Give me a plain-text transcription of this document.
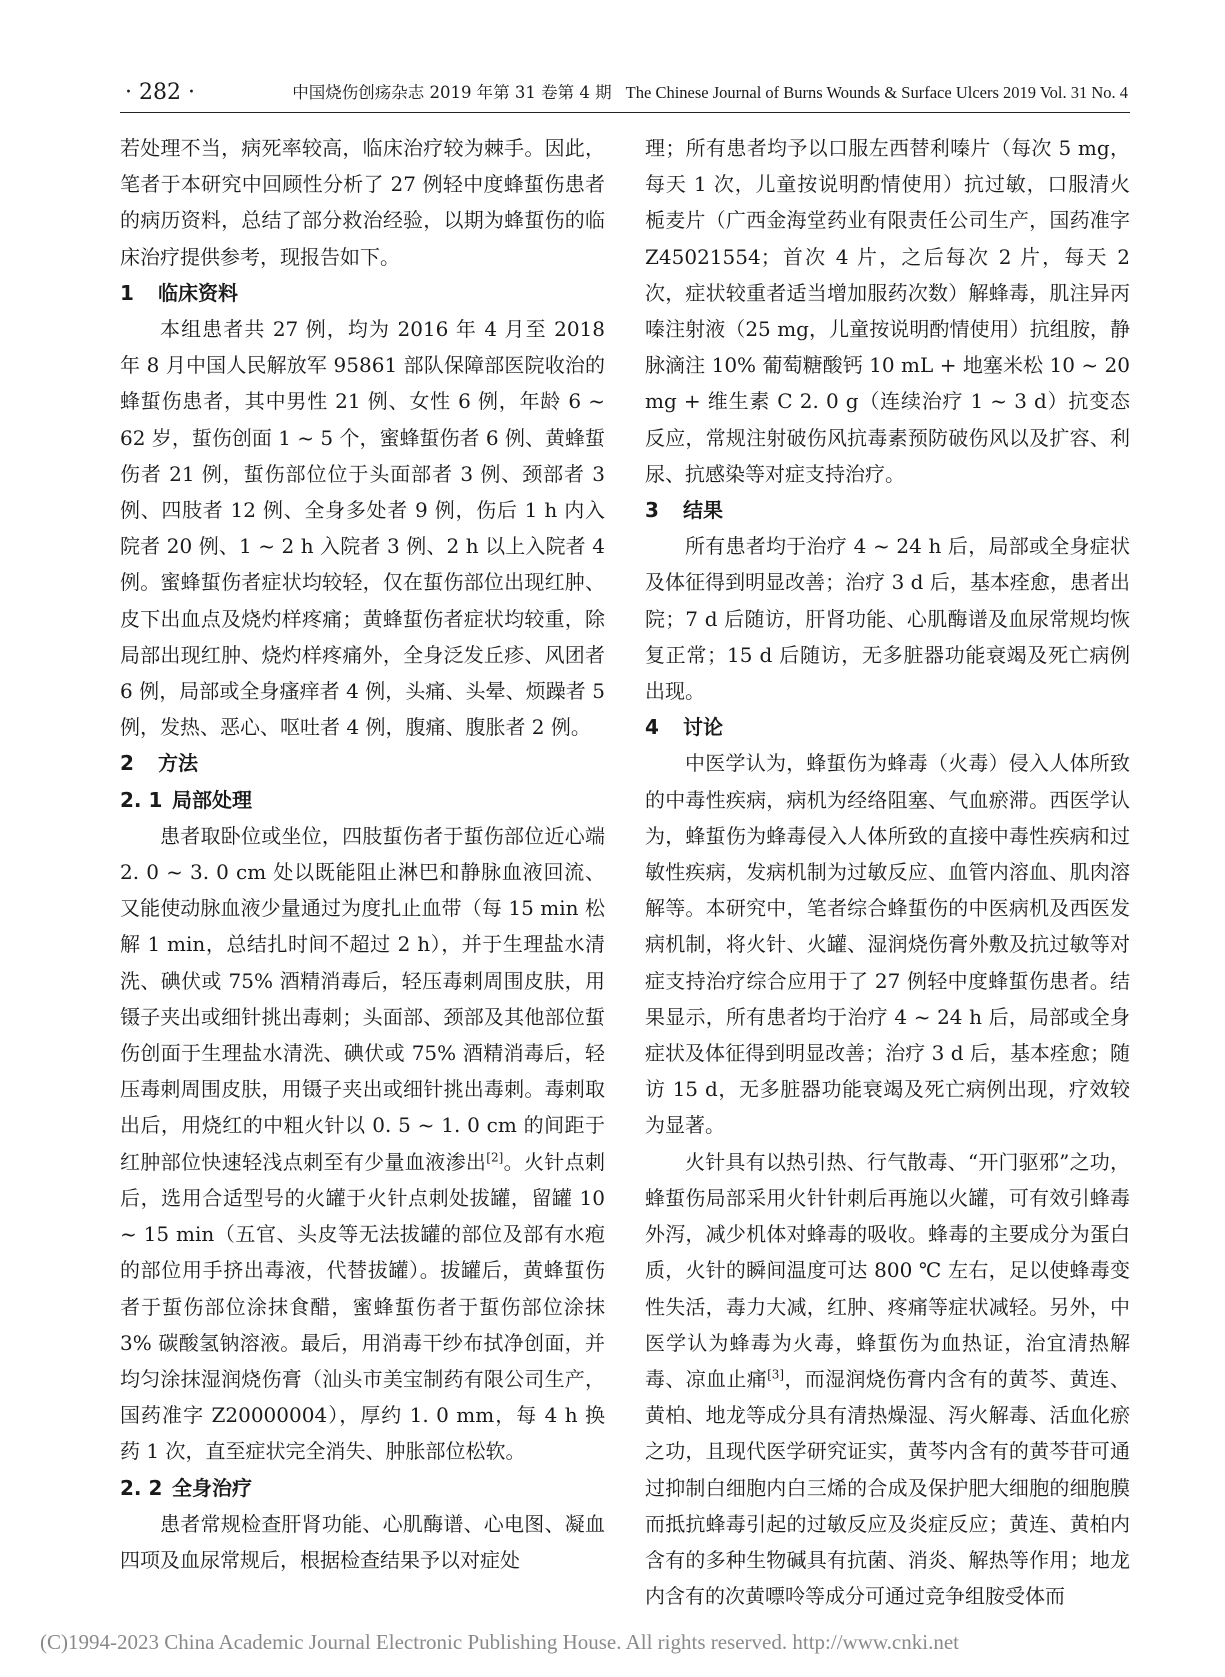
· 282 ·	中国烧伤创疡杂志 2019 年第 31 卷第 4 期 The Chinese Journal of Burns Wounds & Surface Ulcers 2019 Vol. 31 No. 4

若处理不当，病死率较高，临床治疗较为棘手。因此，笔者于本研究中回顾性分析了 27 例轻中度蜂蜇伤患者的病历资料，总结了部分救治经验，以期为蜂蜇伤的临床治疗提供参考，现报告如下。

1 临床资料

本组患者共 27 例，均为 2016 年 4 月至 2018 年 8 月中国人民解放军 95861 部队保障部医院收治的蜂蜇伤患者，其中男性 21 例、女性 6 例，年龄 6 ~ 62 岁，蜇伤创面 1 ~ 5 个，蜜蜂蜇伤者 6 例、黄蜂蜇伤者 21 例，蜇伤部位位于头面部者 3 例、颈部者 3 例、四肢者 12 例、全身多处者 9 例，伤后 1 h 内入院者 20 例、1 ~ 2 h 入院者 3 例、2 h 以上入院者 4 例。蜜蜂蜇伤者症状均较轻，仅在蜇伤部位出现红肿、皮下出血点及烧灼样疼痛；黄蜂蜇伤者症状均较重，除局部出现红肿、烧灼样疼痛外，全身泛发丘疹、风团者 6 例，局部或全身瘙痒者 4 例，头痛、头晕、烦躁者 5 例，发热、恶心、呕吐者 4 例，腹痛、腹胀者 2 例。

2 方法
2. 1 局部处理

患者取卧位或坐位，四肢蜇伤者于蜇伤部位近心端 2. 0 ~ 3. 0 cm 处以既能阻止淋巴和静脉血液回流、又能使动脉血液少量通过为度扎止血带（每 15 min 松解 1 min，总结扎时间不超过 2 h），并于生理盐水清洗、碘伏或 75% 酒精消毒后，轻压毒刺周围皮肤，用镊子夹出或细针挑出毒刺；头面部、颈部及其他部位蜇伤创面于生理盐水清洗、碘伏或 75% 酒精消毒后，轻压毒刺周围皮肤，用镊子夹出或细针挑出毒刺。毒刺取出后，用烧红的中粗火针以 0. 5 ~ 1. 0 cm 的间距于红肿部位快速轻浅点刺至有少量血液渗出[2]。火针点刺后，选用合适型号的火罐于火针点刺处拔罐，留罐 10 ~ 15 min（五官、头皮等无法拔罐的部位及部有水疱的部位用手挤出毒液，代替拔罐）。拔罐后，黄蜂蜇伤者于蜇伤部位涂抹食醋，蜜蜂蜇伤者于蜇伤部位涂抹 3% 碳酸氢钠溶液。最后，用消毒干纱布拭净创面，并均匀涂抹湿润烧伤膏（汕头市美宝制药有限公司生产，国药准字 Z20000004），厚约 1. 0 mm，每 4 h 换药 1 次，直至症状完全消失、肿胀部位松软。

2. 2 全身治疗

患者常规检查肝肾功能、心肌酶谱、心电图、凝血四项及血尿常规后，根据检查结果予以对症处

理；所有患者均予以口服左西替利嗪片（每次 5 mg，每天 1 次，儿童按说明酌情使用）抗过敏，口服清火栀麦片（广西金海堂药业有限责任公司生产，国药准字 Z45021554；首次 4 片，之后每次 2 片，每天 2 次，症状较重者适当增加服药次数）解蜂毒，肌注异丙嗪注射液（25 mg，儿童按说明酌情使用）抗组胺，静脉滴注 10% 葡萄糖酸钙 10 mL + 地塞米松 10 ~ 20 mg + 维生素 C 2. 0 g（连续治疗 1 ~ 3 d）抗变态反应，常规注射破伤风抗毒素预防破伤风以及扩容、利尿、抗感染等对症支持治疗。

3 结果

所有患者均于治疗 4 ~ 24 h 后，局部或全身症状及体征得到明显改善；治疗 3 d 后，基本痊愈，患者出院；7 d 后随访，肝肾功能、心肌酶谱及血尿常规均恢复正常；15 d 后随访，无多脏器功能衰竭及死亡病例出现。

4 讨论

中医学认为，蜂蜇伤为蜂毒（火毒）侵入人体所致的中毒性疾病，病机为经络阻塞、气血瘀滞。西医学认为，蜂蜇伤为蜂毒侵入人体所致的直接中毒性疾病和过敏性疾病，发病机制为过敏反应、血管内溶血、肌肉溶解等。本研究中，笔者综合蜂蜇伤的中医病机及西医发病机制，将火针、火罐、湿润烧伤膏外敷及抗过敏等对症支持治疗综合应用于了 27 例轻中度蜂蜇伤患者。结果显示，所有患者均于治疗 4 ~ 24 h 后，局部或全身症状及体征得到明显改善；治疗 3 d 后，基本痊愈；随访 15 d，无多脏器功能衰竭及死亡病例出现，疗效较为显著。

火针具有以热引热、行气散毒、“开门驱邪”之功，蜂蜇伤局部采用火针针刺后再施以火罐，可有效引蜂毒外泻，减少机体对蜂毒的吸收。蜂毒的主要成分为蛋白质，火针的瞬间温度可达 800 ℃ 左右，足以使蜂毒变性失活，毒力大减，红肿、疼痛等症状减轻。另外，中医学认为蜂毒为火毒，蜂蜇伤为血热证，治宜清热解毒、凉血止痛[3]，而湿润烧伤膏内含有的黄芩、黄连、黄柏、地龙等成分具有清热燥湿、泻火解毒、活血化瘀之功，且现代医学研究证实，黄芩内含有的黄芩苷可通过抑制白细胞内白三烯的合成及保护肥大细胞的细胞膜而抵抗蜂毒引起的过敏反应及炎症反应；黄连、黄柏内含有的多种生物碱具有抗菌、消炎、解热等作用；地龙内含有的次黄嘌呤等成分可通过竞争组胺受体而

(C)1994-2023 China Academic Journal Electronic Publishing House. All rights reserved. http://www.cnki.net
